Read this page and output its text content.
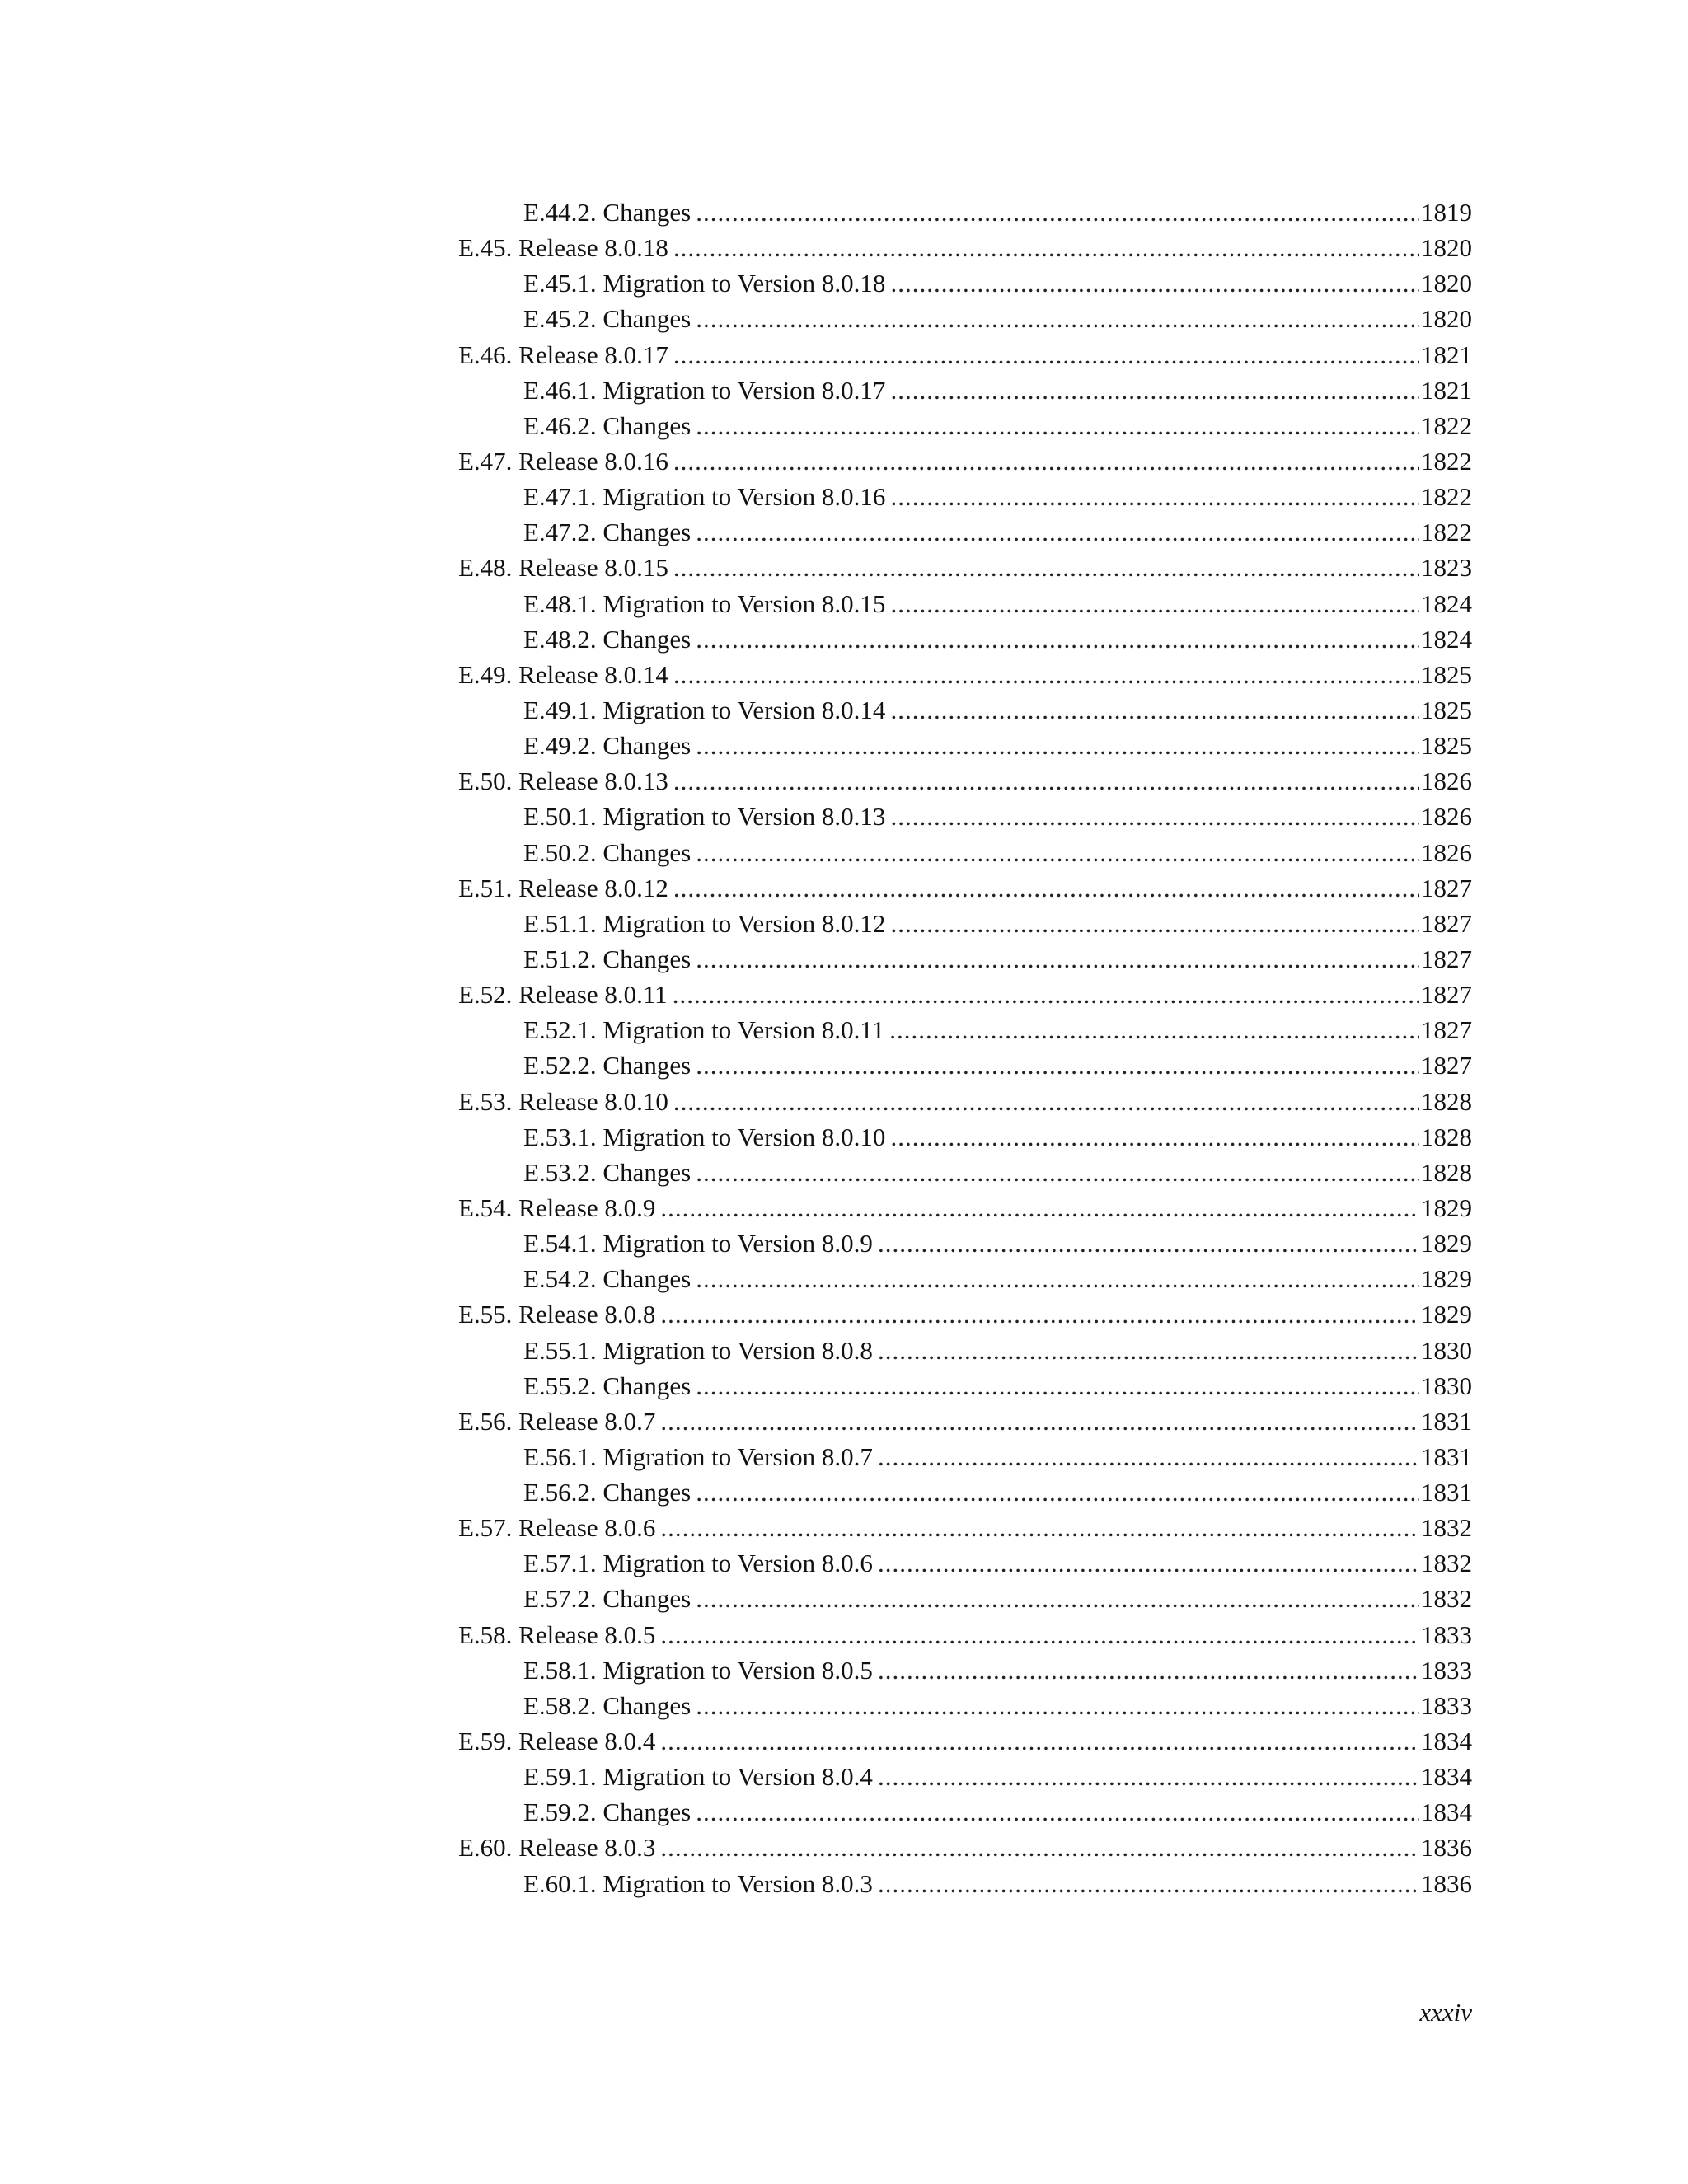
E.44.2. Changes .....	1819
E.45. Release 8.0.18 .....	1820
E.45.1. Migration to Version 8.0.18 .....	1820
E.45.2. Changes .....	1820
E.46. Release 8.0.17 .....	1821
E.46.1. Migration to Version 8.0.17 .....	1821
E.46.2. Changes .....	1822
E.47. Release 8.0.16 .....	1822
E.47.1. Migration to Version 8.0.16 .....	1822
E.47.2. Changes .....	1822
E.48. Release 8.0.15 .....	1823
E.48.1. Migration to Version 8.0.15 .....	1824
E.48.2. Changes .....	1824
E.49. Release 8.0.14 .....	1825
E.49.1. Migration to Version 8.0.14 .....	1825
E.49.2. Changes .....	1825
E.50. Release 8.0.13 .....	1826
E.50.1. Migration to Version 8.0.13 .....	1826
E.50.2. Changes .....	1826
E.51. Release 8.0.12 .....	1827
E.51.1. Migration to Version 8.0.12 .....	1827
E.51.2. Changes .....	1827
E.52. Release 8.0.11 .....	1827
E.52.1. Migration to Version 8.0.11 .....	1827
E.52.2. Changes .....	1827
E.53. Release 8.0.10 .....	1828
E.53.1. Migration to Version 8.0.10 .....	1828
E.53.2. Changes .....	1828
E.54. Release 8.0.9 .....	1829
E.54.1. Migration to Version 8.0.9 .....	1829
E.54.2. Changes .....	1829
E.55. Release 8.0.8 .....	1829
E.55.1. Migration to Version 8.0.8 .....	1830
E.55.2. Changes .....	1830
E.56. Release 8.0.7 .....	1831
E.56.1. Migration to Version 8.0.7 .....	1831
E.56.2. Changes .....	1831
E.57. Release 8.0.6 .....	1832
E.57.1. Migration to Version 8.0.6 .....	1832
E.57.2. Changes .....	1832
E.58. Release 8.0.5 .....	1833
E.58.1. Migration to Version 8.0.5 .....	1833
E.58.2. Changes .....	1833
E.59. Release 8.0.4 .....	1834
E.59.1. Migration to Version 8.0.4 .....	1834
E.59.2. Changes .....	1834
E.60. Release 8.0.3 .....	1836
E.60.1. Migration to Version 8.0.3 .....	1836
xxxiv
